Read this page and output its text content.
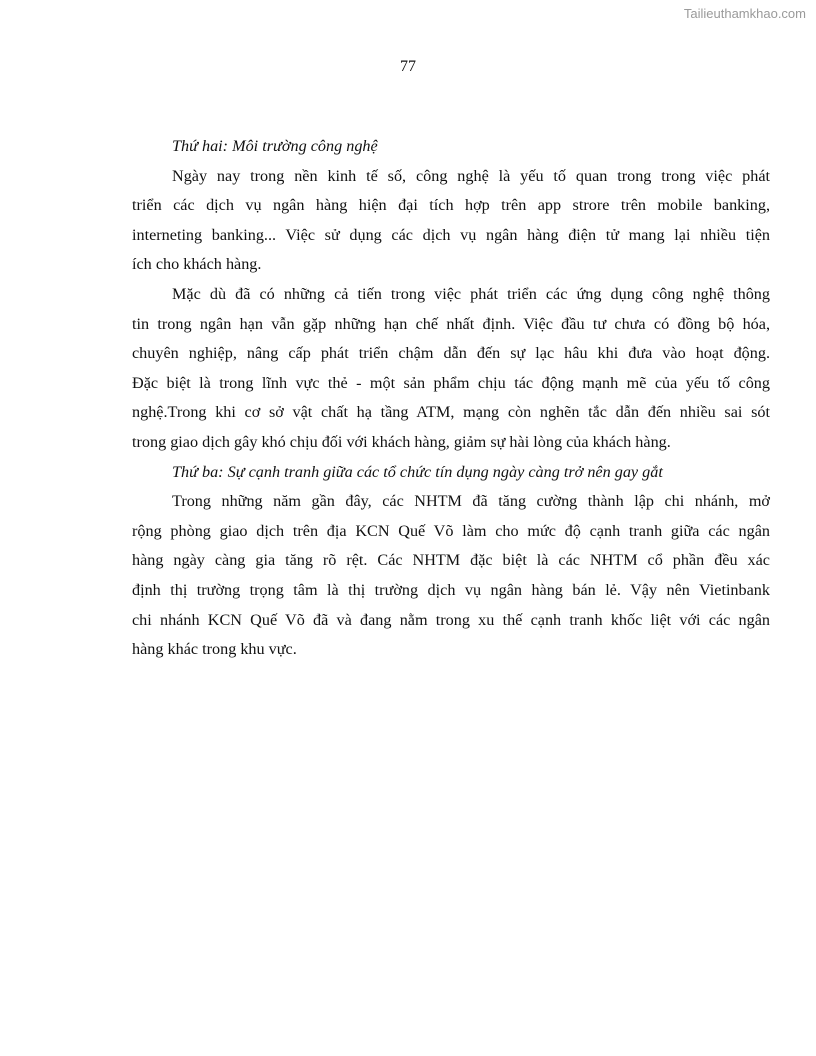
Tailieuthamkhao.com
77
Thứ hai: Môi trường công nghệ
Ngày nay trong nền kinh tế số, công nghệ là yếu tố quan trong trong việc phát
triển các dịch vụ ngân hàng hiện đại tích hợp trên app strore trên mobile banking,
interneting banking... Việc sử dụng các dịch vụ ngân hàng điện tử mang lại nhiều tiện
ích cho khách hàng.
Mặc dù đã có những cả tiến trong việc phát triển các ứng dụng công nghệ thông
tin trong ngân hạn vẫn gặp những hạn chế nhất định. Việc đầu tư chưa có đồng bộ hóa,
chuyên nghiệp, nâng cấp phát triển chậm dẫn đến sự lạc hâu khi đưa vào hoạt động.
Đặc biệt là trong lĩnh vực thẻ - một sản phẩm chịu tác động mạnh mẽ của yếu tố công
nghệ.Trong khi cơ sở vật chất hạ tầng ATM, mạng còn nghẽn tắc dẫn đến nhiều sai sót
trong giao dịch gây khó chịu đối với khách hàng, giảm sự hài lòng của khách hàng.
Thứ ba: Sự cạnh tranh giữa các tổ chức tín dụng ngày càng trở nên gay gắt
Trong những năm gần đây, các NHTM đã tăng cường thành lập chi nhánh, mở
rộng phòng giao dịch trên địa KCN Quế Võ làm cho mức độ cạnh tranh giữa các ngân
hàng ngày càng gia tăng rõ rệt. Các NHTM đặc biệt là các NHTM cổ phần đều xác
định thị trường trọng tâm là thị trường dịch vụ ngân hàng bán lẻ. Vậy nên Vietinbank
chi nhánh KCN Quế Võ đã và đang nằm trong xu thế cạnh tranh khốc liệt với các ngân
hàng khác trong khu vực.
